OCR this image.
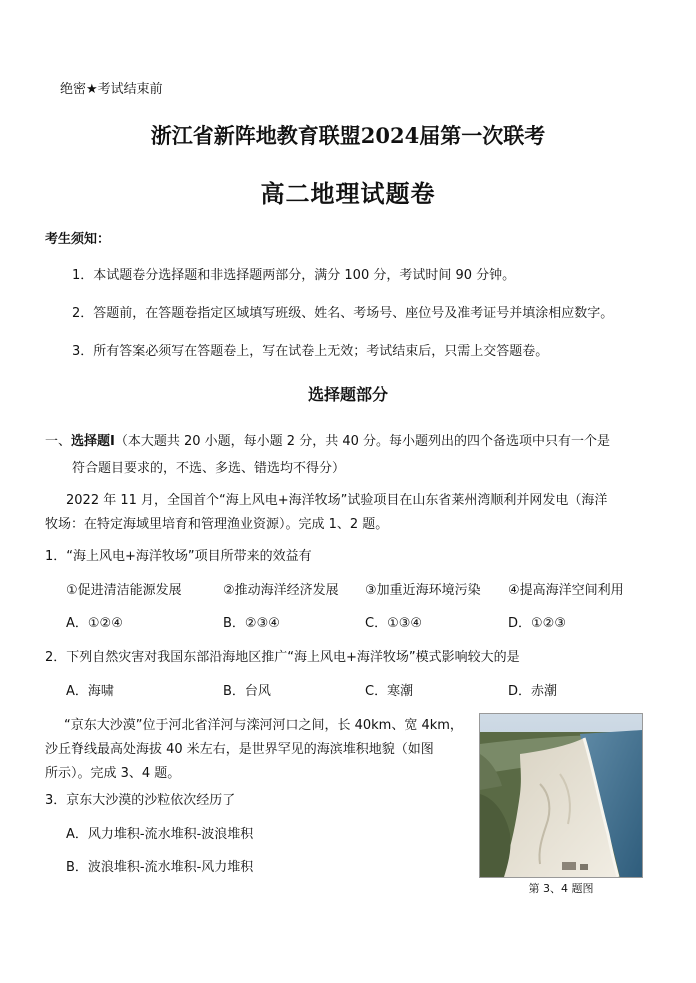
绝密★考试结束前
浙江省新阵地教育联盟2024届第一次联考
高二地理试题卷
考生须知：
1．本试题卷分选择题和非选择题两部分，满分 100 分，考试时间 90 分钟。
2．答题前，在答题卷指定区域填写班级、姓名、考场号、座位号及准考证号并填涂相应数字。
3．所有答案必须写在答题卷上，写在试卷上无效；考试结束后，只需上交答题卷。
选择题部分
一、选择题Ⅰ（本大题共 20 小题，每小题 2 分，共 40 分。每小题列出的四个备选项中只有一个是
符合题目要求的，不选、多选、错选均不得分）
2022 年 11 月，全国首个“海上风电+海洋牧场”试验项目在山东省莱州湾顺利并网发电（海洋
牧场：在特定海域里培育和管理渔业资源）。完成 1、2 题。
1．“海上风电+海洋牧场”项目所带来的效益有
①促进清洁能源发展	②推动海洋经济发展 ③加重近海环境污染 ④提高海洋空间利用
A．①②④	B．②③④	C．①③④	D．①②③
2．下列自然灾害对我国东部沿海地区推广“海上风电+海洋牧场”模式影响较大的是
A．海啸	B．台风	C．寒潮	D．赤潮
“京东大沙漠”位于河北省洋河与滦河河口之间，长 40km、宽 4km，
沙丘脊线最高处海拔 40 米左右，是世界罕见的海滨堆积地貌（如图
所示）。完成 3、4 题。
3．京东大沙漠的沙粒依次经历了
A．风力堆积-流水堆积-波浪堆积
B．波浪堆积-流水堆积-风力堆积
第 3、4 题图
